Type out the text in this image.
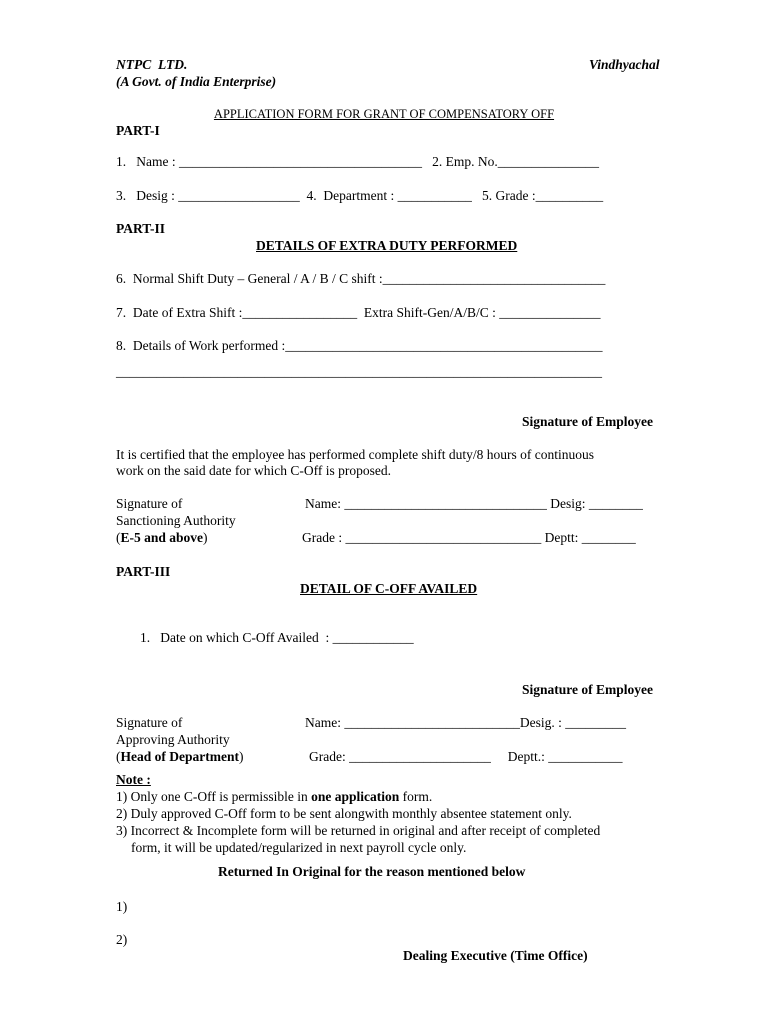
NTPC  LTD.
(A Govt. of India Enterprise)
Vindhyachal
APPLICATION FORM FOR GRANT OF COMPENSATORY OFF
PART-I
1.   Name : ____________________________________   2. Emp. No._______________
3.   Desig : __________________  4.  Department : ___________   5. Grade :__________
PART-II
DETAILS OF EXTRA DUTY PERFORMED
6.  Normal Shift Duty – General / A / B / C shift :_________________________________
7.  Date of Extra Shift :_________________  Extra Shift-Gen/A/B/C : _______________
8.  Details of Work performed :_______________________________________________
________________________________________________________________________
Signature of Employee
It is certified that the employee has performed complete shift duty/8 hours of continuous
work on the said date for which C-Off is proposed.
Signature of
Sanctioning Authority
(E-5 and above)
Name: ______________________________ Desig: ________
Grade : _____________________________ Deptt: ________
PART-III
DETAIL OF C-OFF AVAILED
1.   Date on which C-Off Availed  : ____________
Signature of Employee
Signature of
Approving Authority
(Head of Department)
Name: __________________________Desig. : _________
Grade: _____________________     Deptt.: ___________
Note :
1) Only one C-Off is permissible in one application form.
2) Duly approved C-Off form to be sent alongwith monthly absentee statement only.
3) Incorrect & Incomplete form will be returned in original and after receipt of completed
form, it will be updated/regularized in next payroll cycle only.
Returned In Original for the reason mentioned below
1)
2)
Dealing Executive (Time Office)
